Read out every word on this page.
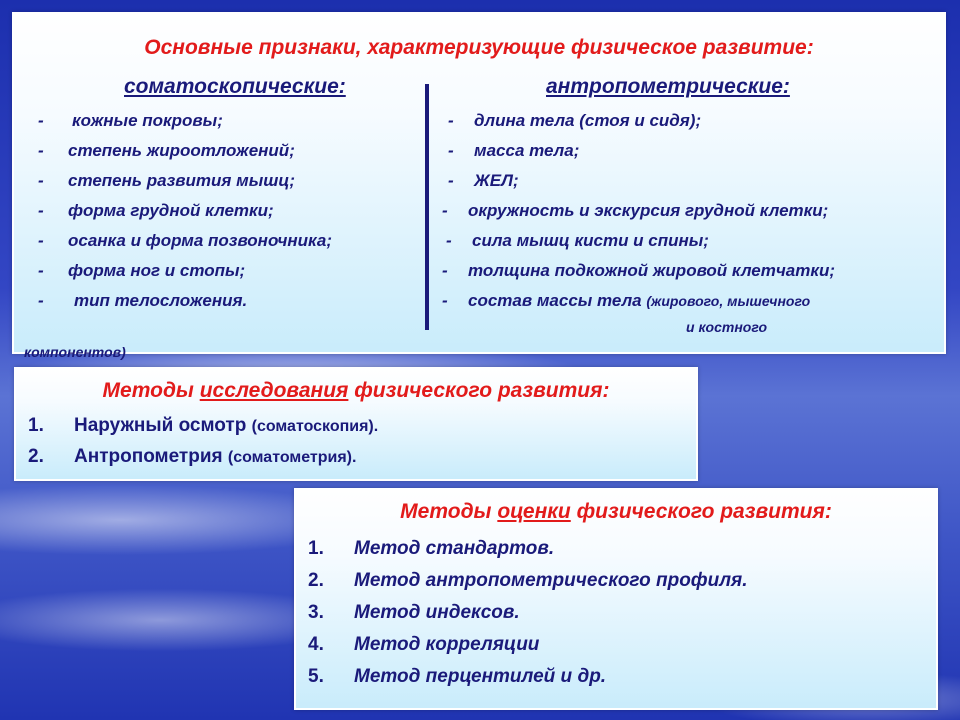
Основные признаки, характеризующие физическое развитие:

соматоскопические:	антропометрические:
- кожные покровы;
- степень жироотложений;
- степень развития мышц;
- форма грудной клетки;
- осанка и форма позвоночника;
- форма ног и стопы;
- тип телосложения.
- длина тела (стоя и сидя);
- масса тела;
- ЖЕЛ;
- окружность и экскурсия грудной клетки;
- сила мышц кисти и спины;
- толщина подкожной жировой клетчатки;
- состав массы тела (жирового, мышечного
и костного
компонентов)

Методы исследования физического развития:

1. Наружный осмотр (соматоскопия).
2. Антропометрия (соматометрия).

Методы оценки физического развития:

1. Метод стандартов.
2. Метод антропометрического профиля.
3. Метод индексов.
4. Метод корреляции
5. Метод перцентилей и др.
